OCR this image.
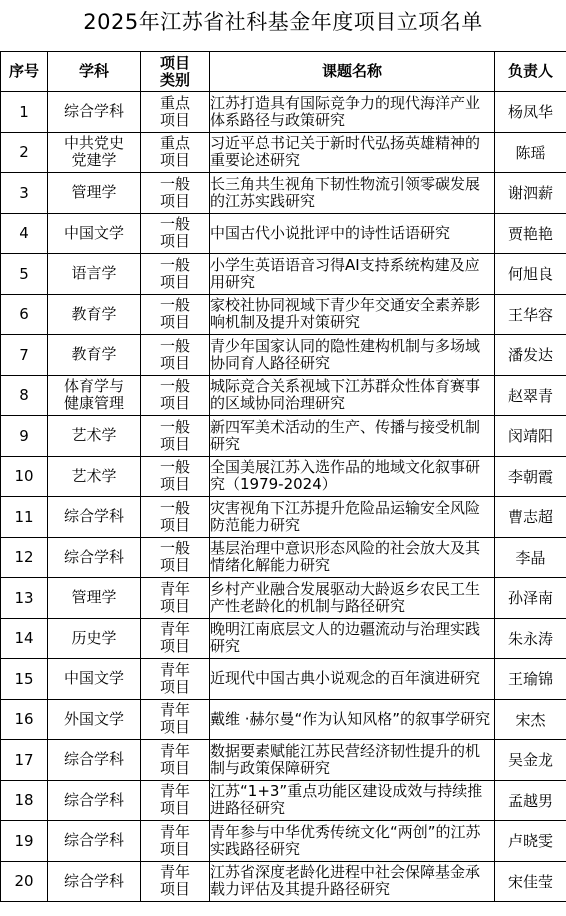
2025年江苏省社科基金年度项目立项名单
序号	学科	项目类别	课题名称	负责人
1	综合学科	重点项目	江苏打造具有国际竞争力的现代海洋产业体系路径与政策研究	杨凤华
2	中共党史党建学	重点项目	习近平总书记关于新时代弘扬英雄精神的重要论述研究	陈瑶
3	管理学	一般项目	长三角共生视角下韧性物流引领零碳发展的江苏实践研究	谢泗薪
4	中国文学	一般项目	中国古代小说批评中的诗性话语研究	贾艳艳
5	语言学	一般项目	小学生英语语音习得AI支持系统构建及应用研究	何旭良
6	教育学	一般项目	家校社协同视域下青少年交通安全素养影响机制及提升对策研究	王华容
7	教育学	一般项目	青少年国家认同的隐性建构机制与多场域协同育人路径研究	潘发达
8	体育学与健康管理	一般项目	城际竞合关系视域下江苏群众性体育赛事的区域协同治理研究	赵翠青
9	艺术学	一般项目	新四军美术活动的生产、传播与接受机制研究	闵靖阳
10	艺术学	一般项目	全国美展江苏入选作品的地域文化叙事研究（1979-2024）	李朝霞
11	综合学科	一般项目	灾害视角下江苏提升危险品运输安全风险防范能力研究	曹志超
12	综合学科	一般项目	基层治理中意识形态风险的社会放大及其情绪化解能力研究	李晶
13	管理学	青年项目	乡村产业融合发展驱动大龄返乡农民工生产性老龄化的机制与路径研究	孙泽南
14	历史学	青年项目	晚明江南底层文人的边疆流动与治理实践研究	朱永涛
15	中国文学	青年项目	近现代中国古典小说观念的百年演进研究	王瑜锦
16	外国文学	青年项目	戴维 ·赫尔曼“作为认知风格”的叙事学研究	宋杰
17	综合学科	青年项目	数据要素赋能江苏民营经济韧性提升的机制与政策保障研究	吴金龙
18	综合学科	青年项目	江苏“1+3”重点功能区建设成效与持续推进路径研究	孟越男
19	综合学科	青年项目	青年参与中华优秀传统文化“两创”的江苏实践路径研究	卢晓雯
20	综合学科	青年项目	江苏省深度老龄化进程中社会保障基金承载力评估及其提升路径研究	宋佳莹
